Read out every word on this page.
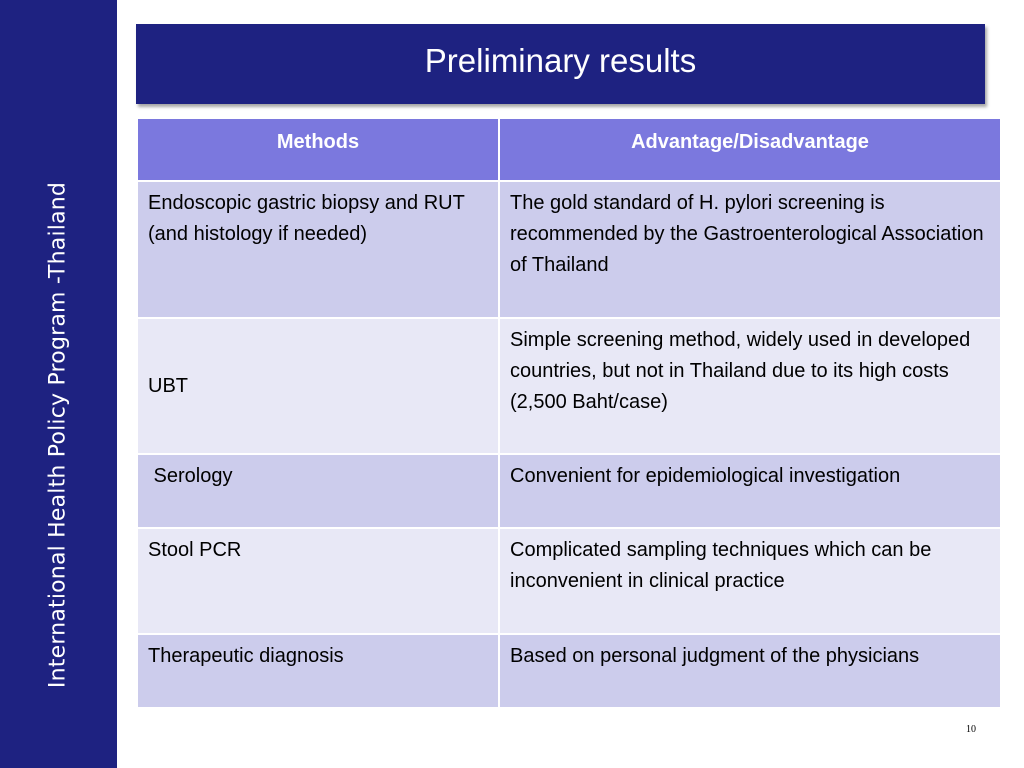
International Health Policy Program -Thailand
Preliminary results
Methods	Advantage/Disadvantage
Endoscopic gastric biopsy and RUT (and histology if needed)	The gold standard of H. pylori screening is recommended by the Gastroenterological Association of Thailand
UBT	Simple screening method, widely used in developed countries, but not in Thailand due to its high costs (2,500 Baht/case)
Serology	Convenient for epidemiological investigation
Stool PCR	Complicated sampling techniques which can be inconvenient in clinical practice
Therapeutic diagnosis	Based on personal judgment of the physicians
10
